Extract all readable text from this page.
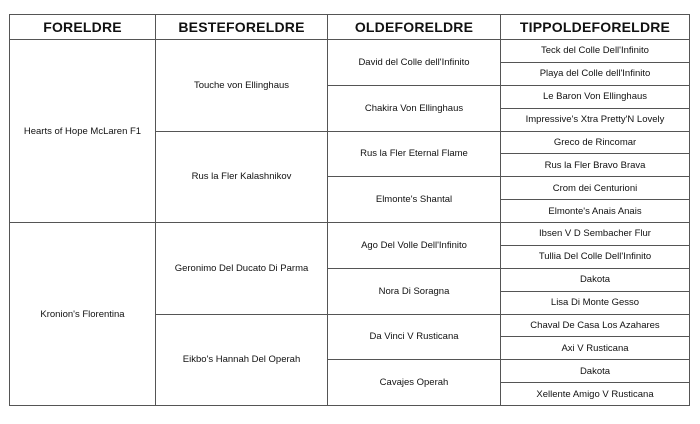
FORELDRE	BESTEFORELDRE	OLDEFORELDRE	TIPPOLDEFORELDRE
Hearts of Hope McLaren F1	Touche von Ellinghaus	David del Colle dell'Infinito	Teck del Colle Dell'Infinito
			Playa del Colle dell'Infinito
		Chakira Von Ellinghaus	Le Baron Von Ellinghaus
			Impressive's Xtra Pretty'N Lovely
	Rus la Fler Kalashnikov	Rus la Fler Eternal Flame	Greco de Rincomar
			Rus la Fler Bravo Brava
		Elmonte's Shantal	Crom dei Centurioni
			Elmonte's Anais Anais
Kronion's Florentina	Geronimo Del Ducato Di Parma	Ago Del Volle Dell'Infinito	Ibsen V D Sembacher Flur
			Tullia Del Colle Dell'Infinito
		Nora Di Soragna	Dakota
			Lisa Di Monte Gesso
	Eikbo's Hannah Del Operah	Da Vinci V Rusticana	Chaval De Casa Los Azahares
			Axi V Rusticana
		Cavajes Operah	Dakota
			Xellente Amigo V Rusticana
